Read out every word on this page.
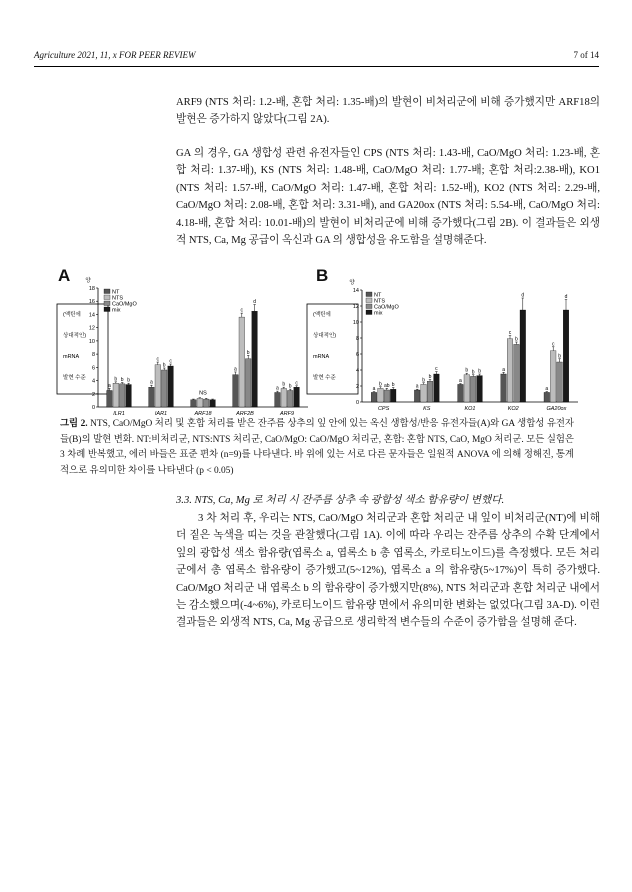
Agriculture 2021, 11, x FOR PEER REVIEW	7 of 14
ARF9 (NTS 처리: 1.2-배, 혼합 처리: 1.35-배)의 발현이 비처리군에 비해 증가했지만 ARF18의 발현은 증가하지 않았다(그림 2A).
GA 의 경우, GA 생합성 관련 유전자들인 CPS (NTS 처리: 1.43-배, CaO/MgO 처리: 1.23-배, 혼합 처리: 1.37-배), KS (NTS 처리: 1.48-배, CaO/MgO 처리: 1.77-배; 혼합 처리:2.38-배), KO1 (NTS 처리: 1.57-배, CaO/MgO 처리: 1.47-배, 혼합 처리: 1.52-배), KO2 (NTS 처리: 2.29-배, CaO/MgO 처리: 2.08-배, 혼합 처리: 3.31-배), and GA20ox (NTS 처리: 5.54-배, CaO/MgO 처리: 4.18-배, 혼합 처리: 10.01-배)의 발현이 비처리군에 비해 증가했다(그림 2B). 이 결과들은 외생적 NTS, Ca, Mg 공급이 옥신과 GA 의 생합성을 유도함을 설명해준다.
A	B
(액틴에
상대적인)
mRNA
발현 수준
양
0
2
4
6
8
10
12
14
16
18
NT
NTS
CaO/MgO
mix
a
b b b
ILR1
a
c
b
c
IAR1
NS
ARF18
a
c
b
d
ARF2B
a
b b
c
ARF9
(액틴에
상대적인)
mRNA
발현 수준
양
0
2
4
6
8
10
12
14
NT
NTS
CaO/MgO
mix
a
b ab b
CPS
a
b
b
c
KS
a
b b b
KO1
a
c
b
d
KO2
a
c
b
d
GA20ox
그림 2. NTS, CaO/MgO 처리 및 혼합 처리를 받은 잔주름 상추의 잎 안에 있는 옥신 생합성/반응 유전자들(A)와 GA 생합성 유전자들(B)의 발현 변화. NT:비처리군, NTS:NTS 처리군, CaO/MgO: CaO/MgO 처리군, 혼합: 혼합 NTS, CaO, MgO 처리군. 모든 실험은 3 차례 반복했고, 에러 바들은 표준 편차 (n=9)를 나타낸다. 바 위에 있는 서로 다른 문자들은 일원적 ANOVA 에 의해 정해진, 통계적으로 유의미한 차이를 나타낸다 (p < 0.05)
3.3. NTS, Ca, Mg 로 처리 시 잔주름 상추 속 광합성 색소 함유량이 변했다.
3 차 처리 후, 우리는 NTS, CaO/MgO 처리군과 혼합 처리군 내 잎이 비처리군(NT)에 비해 더 짙은 녹색을 띠는 것을 관찰했다(그림 1A). 이에 따라 우리는 잔주름 상추의 수확 단계에서 잎의 광합성 색소 함유량(엽록소 a, 엽록소 b 총 엽록소, 카로티노이드)를 측정했다. 모든 처리군에서 총 엽록소 함유량이 증가했고(5~12%), 엽록소 a 의 함유량(5~17%)이 특히 증가했다. CaO/MgO 처리군 내 엽록소 b 의 함유량이 증가했지만(8%), NTS 처리군과 혼합 처리군 내에서는 감소했으며(-4~6%), 카로티노이드 함유량 면에서 유의미한 변화는 없었다(그림 3A-D). 이런 결과들은 외생적 NTS, Ca, Mg 공급으로 생리학적 변수들의 수준이 증가함을 설명해 준다.
